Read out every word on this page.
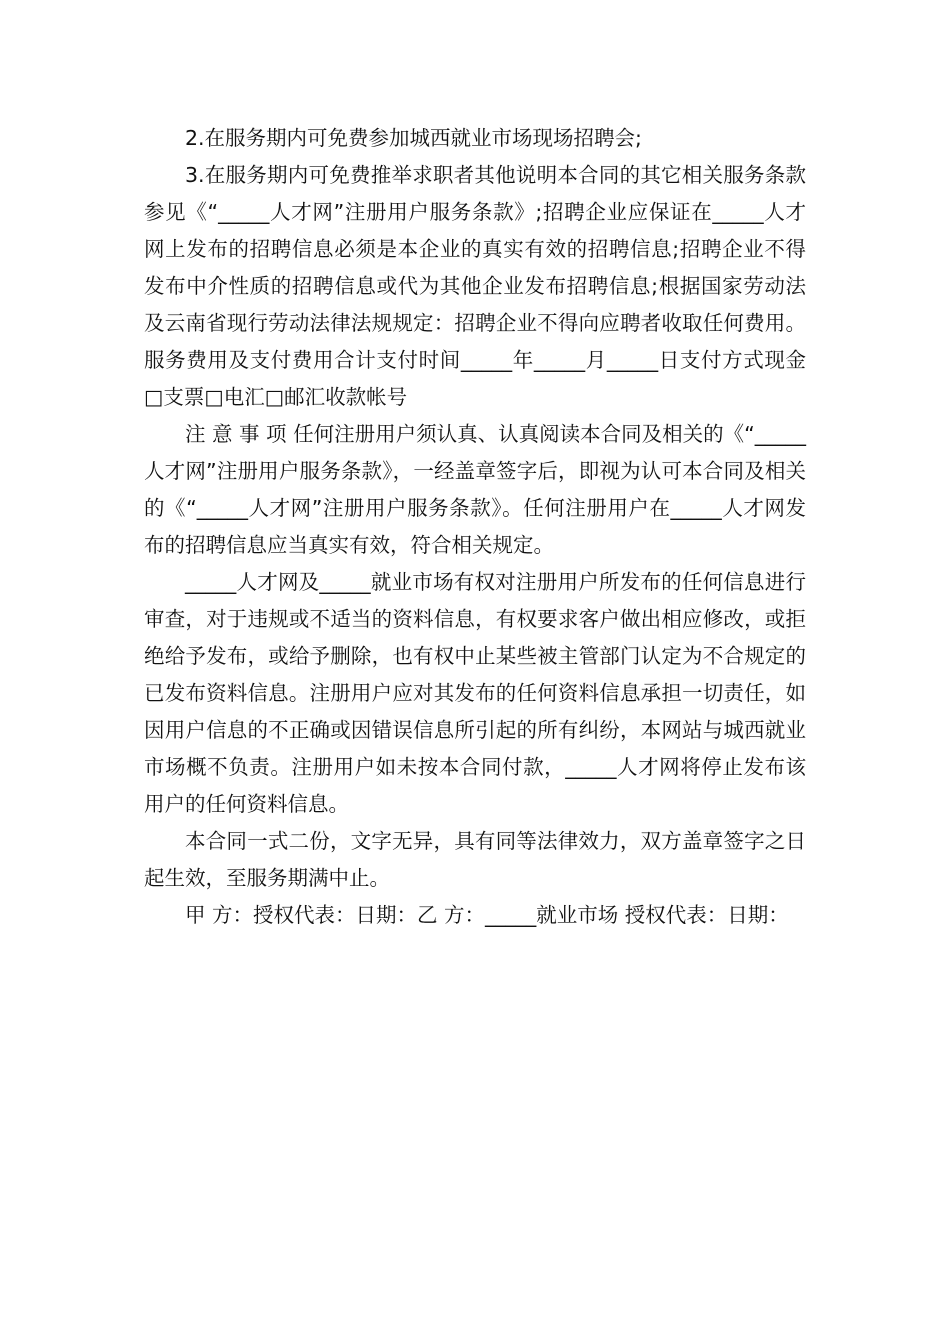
2.在服务期内可免费参加城西就业市场现场招聘会;

3.在服务期内可免费推举求职者其他说明本合同的其它相关服务条款参见《“_____人才网”注册用户服务条款》;招聘企业应保证在_____人才网上发布的招聘信息必须是本企业的真实有效的招聘信息;招聘企业不得发布中介性质的招聘信息或代为其他企业发布招聘信息;根据国家劳动法及云南省现行劳动法律法规规定：招聘企业不得向应聘者收取任何费用。服务费用及支付费用合计支付时间_____年_____月_____日支付方式现金□支票□电汇□邮汇收款帐号

注 意 事 项 任何注册用户须认真、认真阅读本合同及相关的《“_____人才网”注册用户服务条款》，一经盖章签字后，即视为认可本合同及相关的《“_____人才网”注册用户服务条款》。任何注册用户在_____人才网发布的招聘信息应当真实有效，符合相关规定。

_____人才网及_____就业市场有权对注册用户所发布的任何信息进行审查，对于违规或不适当的资料信息，有权要求客户做出相应修改，或拒绝给予发布，或给予删除，也有权中止某些被主管部门认定为不合规定的已发布资料信息。注册用户应对其发布的任何资料信息承担一切责任，如因用户信息的不正确或因错误信息所引起的所有纠纷，本网站与城西就业市场概不负责。注册用户如未按本合同付款，_____人才网将停止发布该用户的任何资料信息。

本合同一式二份，文字无异，具有同等法律效力，双方盖章签字之日起生效，至服务期满中止。

甲 方：授权代表：日期：乙 方：_____就业市场 授权代表：日期：
